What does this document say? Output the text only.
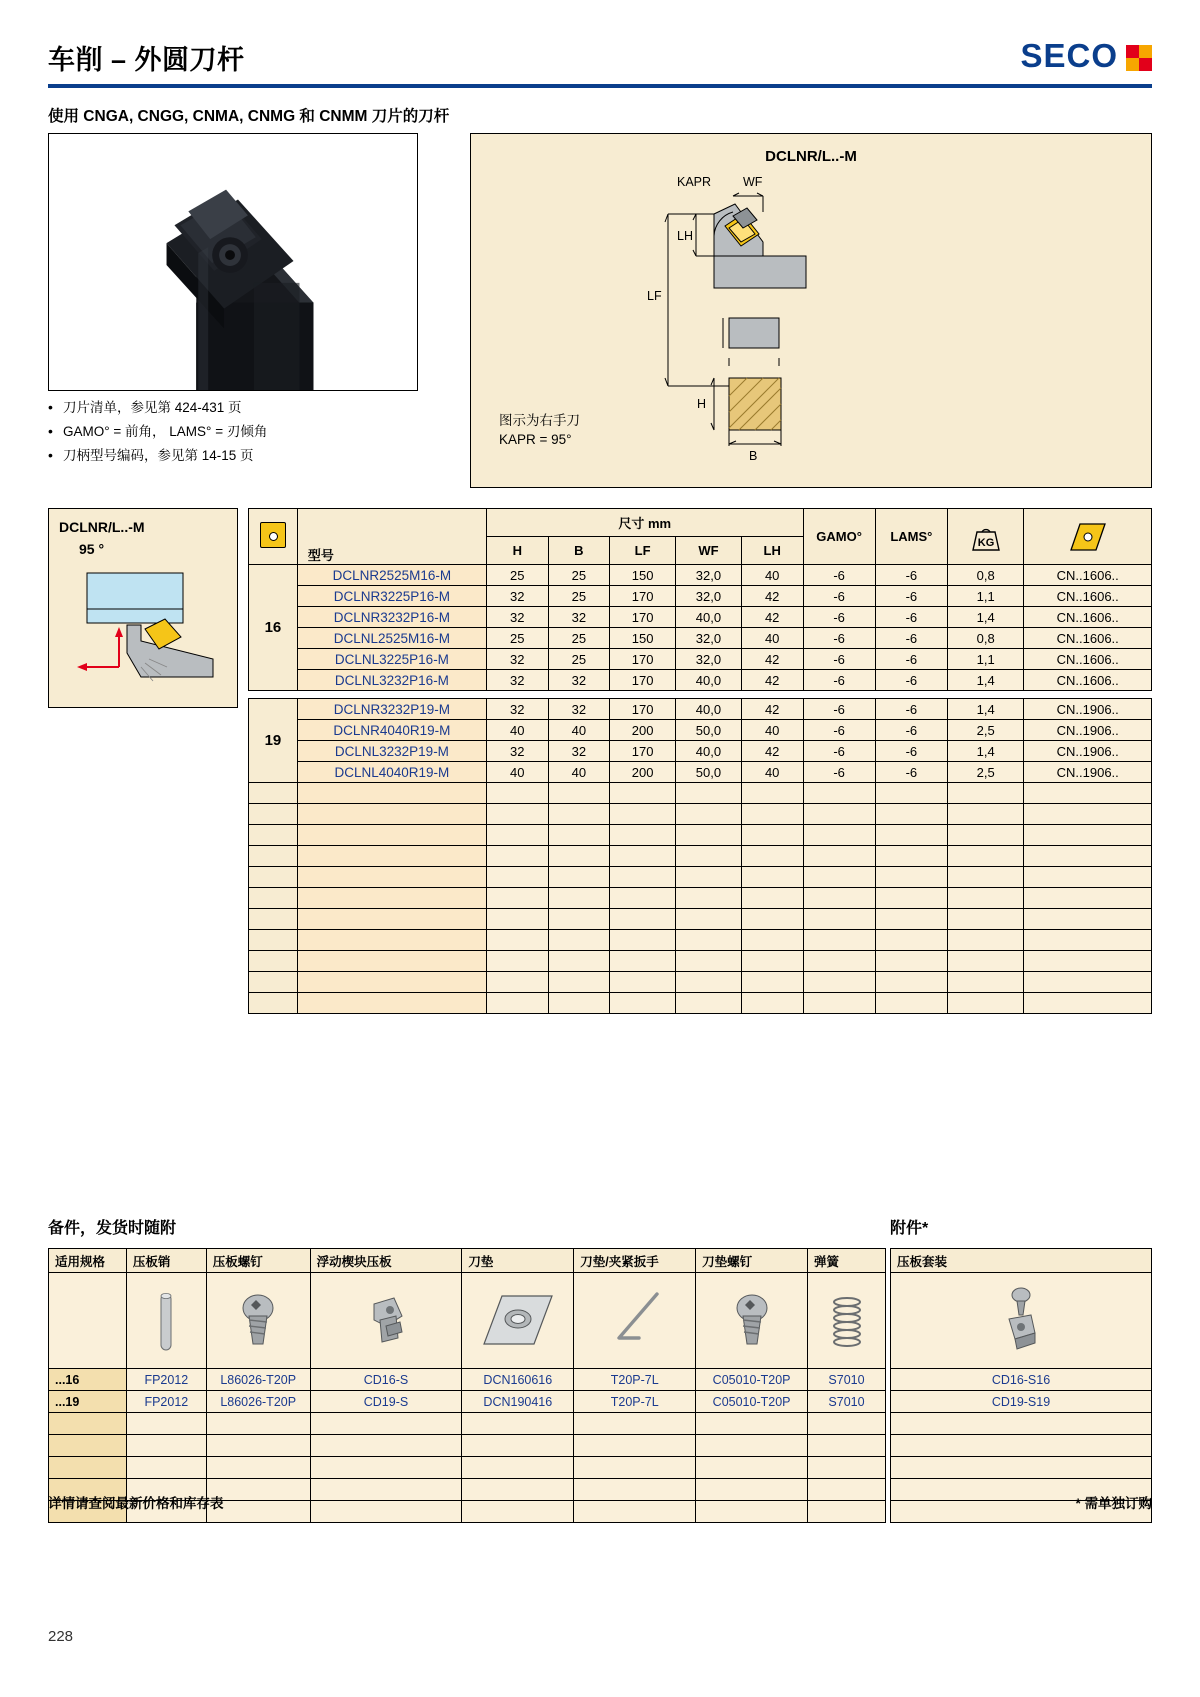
车削 – 外圆刀杆	SECO
使用 CNGA, CNGG, CNMA, CNMG 和 CNMM 刀片的刀杆
• 刀片清单，参见第 424-431 页
• GAMO° = 前角， LAMS° = 刃倾角
• 刀柄型号编码，参见第 14-15 页
DCLNR/L..-M
KAPR	WF
LH
LF
H
B
图示为右手刀
KAPR = 95°
DCLNR/L..-M
95 °
		型号	尺寸 mm					GAMO°	LAMS°	KG

		H	B	LF	WF	LH				
16	DCLNR2525M16-M	25	25	150	32,0	40	-6	-6	0,8	CN..1606..
	DCLNR3225P16-M	32	25	170	32,0	42	-6	-6	1,1	CN..1606..
	DCLNR3232P16-M	32	32	170	40,0	42	-6	-6	1,4	CN..1606..
	DCLNL2525M16-M	25	25	150	32,0	40	-6	-6	0,8	CN..1606..
	DCLNL3225P16-M	32	25	170	32,0	42	-6	-6	1,1	CN..1606..
	DCLNL3232P16-M	32	32	170	40,0	42	-6	-6	1,4	CN..1606..

19	DCLNR3232P19-M	32	32	170	40,0	42	-6	-6	1,4	CN..1906..
	DCLNR4040R19-M	40	40	200	50,0	40	-6	-6	2,5	CN..1906..
	DCLNL3232P19-M	32	32	170	40,0	42	-6	-6	1,4	CN..1906..
	DCLNL4040R19-M	40	40	200	50,0	40	-6	-6	2,5	CN..1906..

备件，发货时随附	附件*
适用规格	压板销	压板螺钉	浮动楔块压板	刀垫	刀垫/夹紧扳手	刀垫螺钉	弹簧

...16	FP2012	L86026-T20P	CD16-S	DCN160616	T20P-7L	C05010-T20P	S7010
...19	FP2012	L86026-T20P	CD19-S	DCN190416	T20P-7L	C05010-T20P	S7010

压板套装

CD16-S16
CD19-S19

详情请查阅最新价格和库存表	* 需单独订购
228
